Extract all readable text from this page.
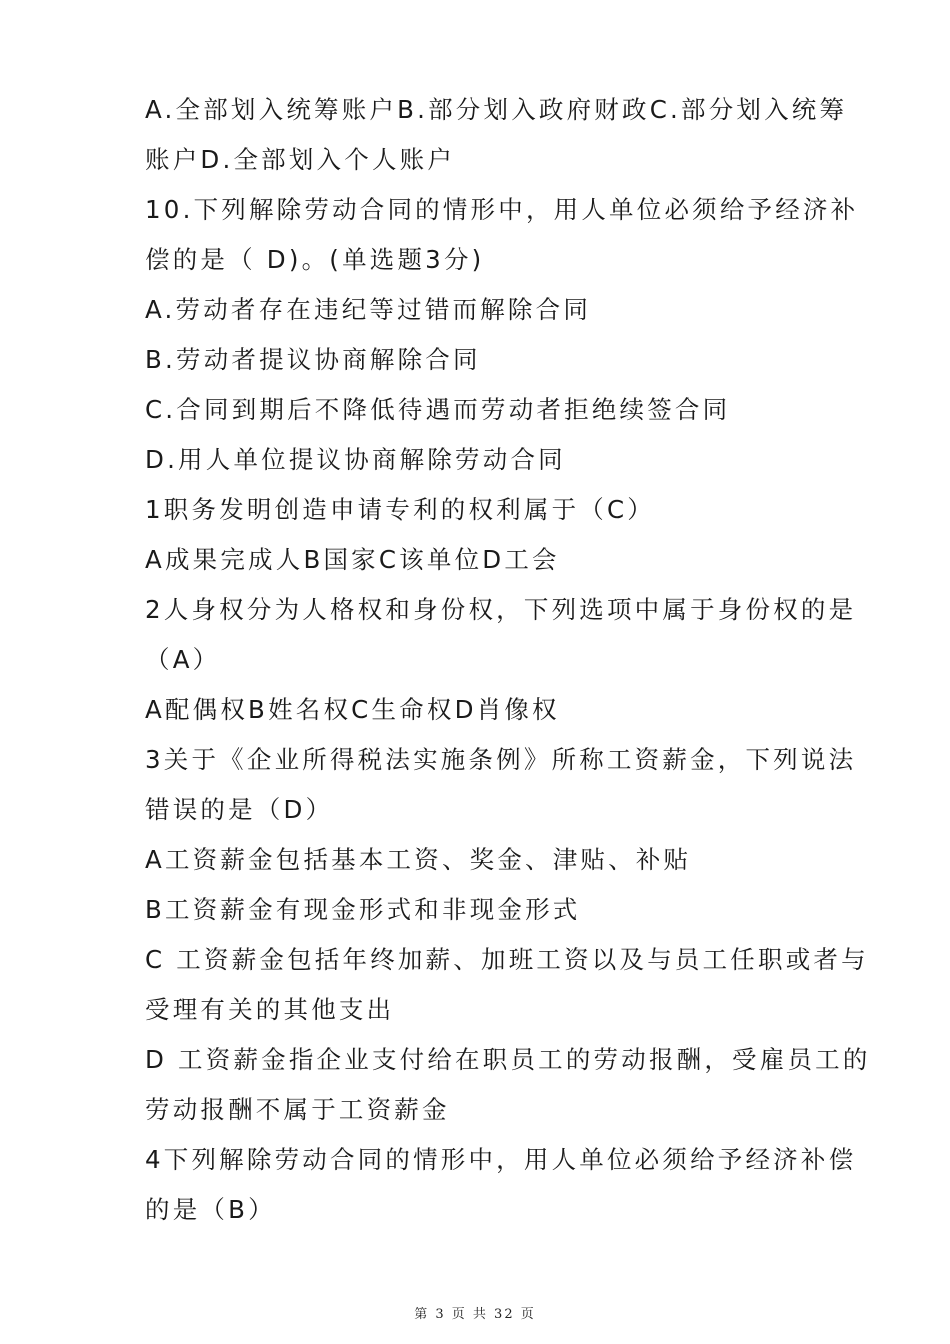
A.全部划入统筹账户B.部分划入政府财政C.部分划入统筹
账户D.全部划入个人账户
10.下列解除劳动合同的情形中，用人单位必须给予经济补
偿的是（ D)。(单选题3分)
A.劳动者存在违纪等过错而解除合同
B.劳动者提议协商解除合同
C.合同到期后不降低待遇而劳动者拒绝续签合同
D.用人单位提议协商解除劳动合同
1职务发明创造申请专利的权利属于（C）
A成果完成人B国家C该单位D工会
2人身权分为人格权和身份权，下列选项中属于身份权的是
（A）
A配偶权B姓名权C生命权D肖像权
3关于《企业所得税法实施条例》所称工资薪金，下列说法
错误的是（D）
A工资薪金包括基本工资、奖金、津贴、补贴
B工资薪金有现金形式和非现金形式
C 工资薪金包括年终加薪、加班工资以及与员工任职或者与
受理有关的其他支出
D 工资薪金指企业支付给在职员工的劳动报酬，受雇员工的
劳动报酬不属于工资薪金
4下列解除劳动合同的情形中，用人单位必须给予经济补偿
的是（B）
第 3 页 共 32 页
